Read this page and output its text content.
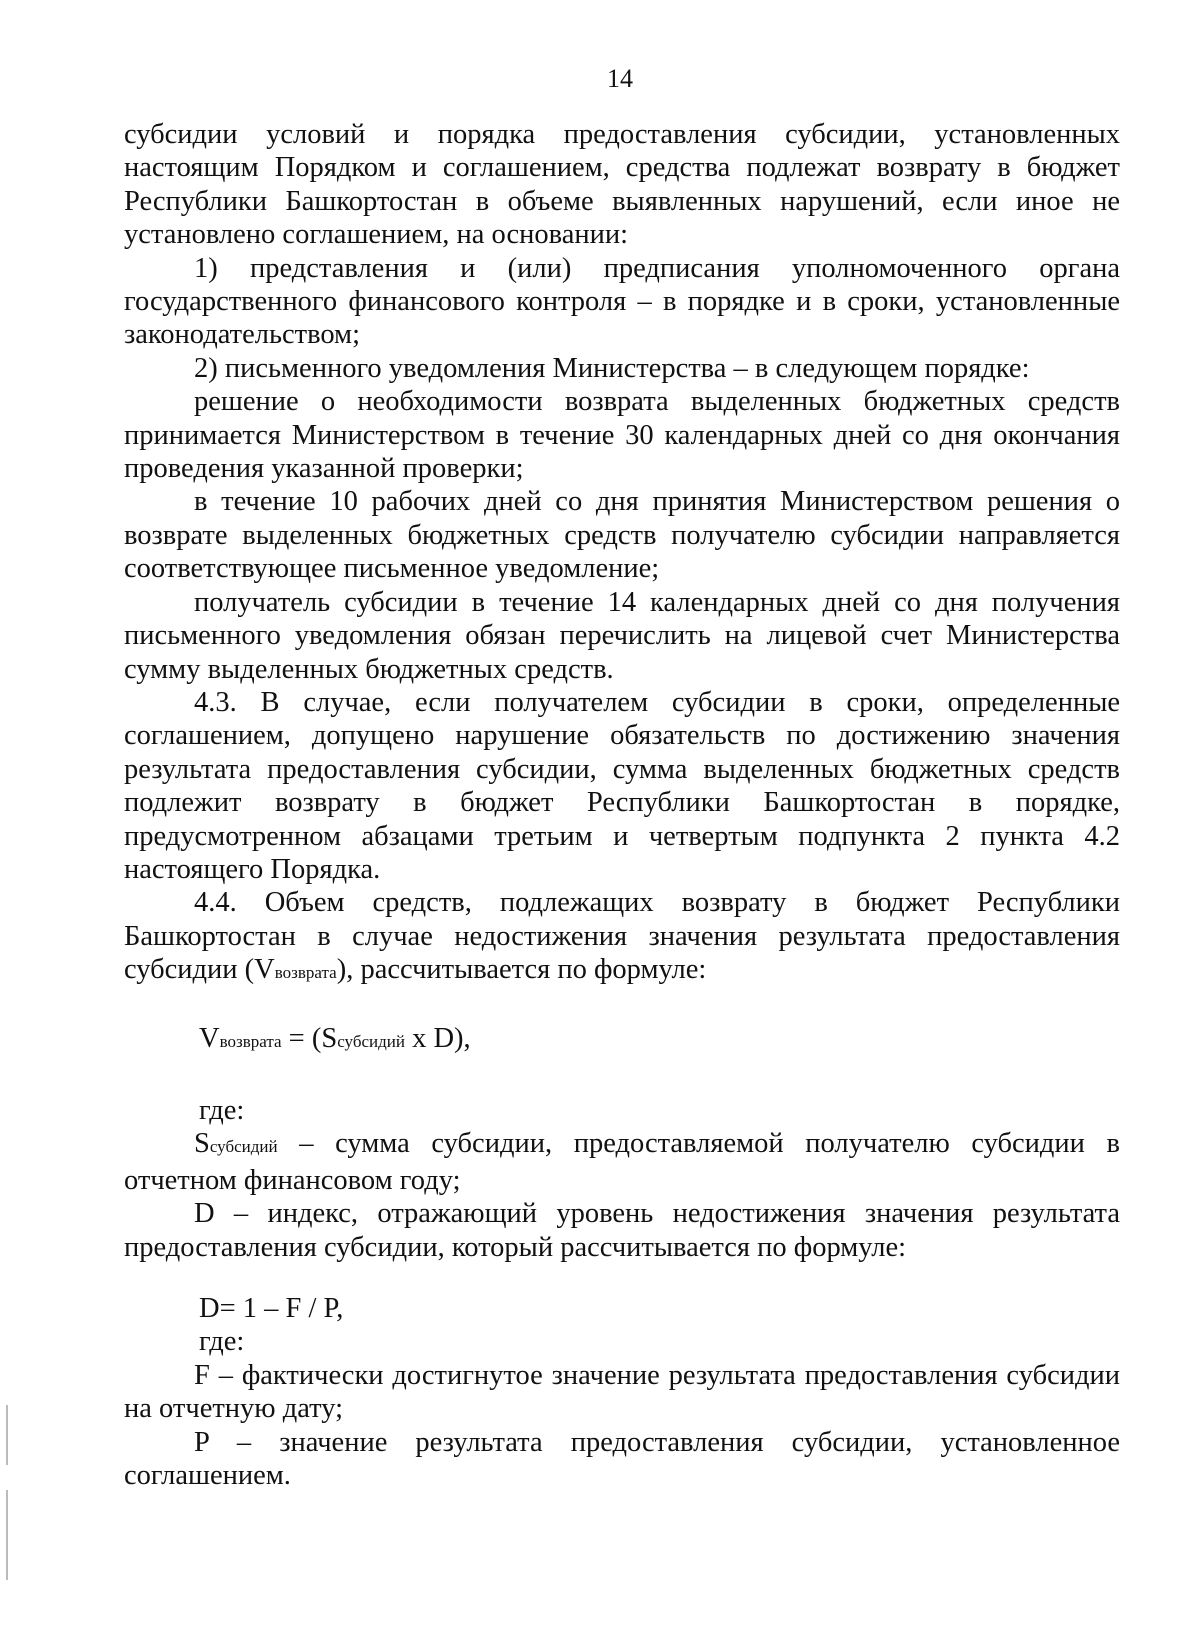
14

субсидии условий и порядка предоставления субсидии, установленных настоящим Порядком и соглашением, средства подлежат возврату в бюджет Республики Башкортостан в объеме выявленных нарушений, если иное не установлено соглашением, на основании:

1) представления и (или) предписания уполномоченного органа государственного финансового контроля – в порядке и в сроки, установленные законодательством;

2) письменного уведомления Министерства – в следующем порядке:

решение о необходимости возврата выделенных бюджетных средств принимается Министерством в течение 30 календарных дней со дня окончания проведения указанной проверки;

в течение 10 рабочих дней со дня принятия Министерством решения о возврате выделенных бюджетных средств получателю субсидии направляется соответствующее письменное уведомление;

получатель субсидии в течение 14 календарных дней со дня получения письменного уведомления обязан перечислить на лицевой счет Министерства сумму выделенных бюджетных средств.

4.3. В случае, если получателем субсидии в сроки, определенные соглашением, допущено нарушение обязательств по достижению значения результата предоставления субсидии, сумма выделенных бюджетных средств подлежит возврату в бюджет Республики Башкортостан в порядке, предусмотренном абзацами третьим и четвертым подпункта 2 пункта 4.2 настоящего Порядка.

4.4. Объем средств, подлежащих возврату в бюджет Республики Башкортостан в случае недостижения значения результата предоставления субсидии (Vвозврата), рассчитывается по формуле:

Vвозврата = (Sсубсидий x D),

где:

Sсубсидий – сумма субсидии, предоставляемой получателю субсидии в отчетном финансовом году;

D – индекс, отражающий уровень недостижения значения результата предоставления субсидии, который рассчитывается по формуле:

D= 1 – F / P,

где:

F – фактически достигнутое значение результата предоставления субсидии на отчетную дату;

P – значение результата предоставления субсидии, установленное соглашением.
